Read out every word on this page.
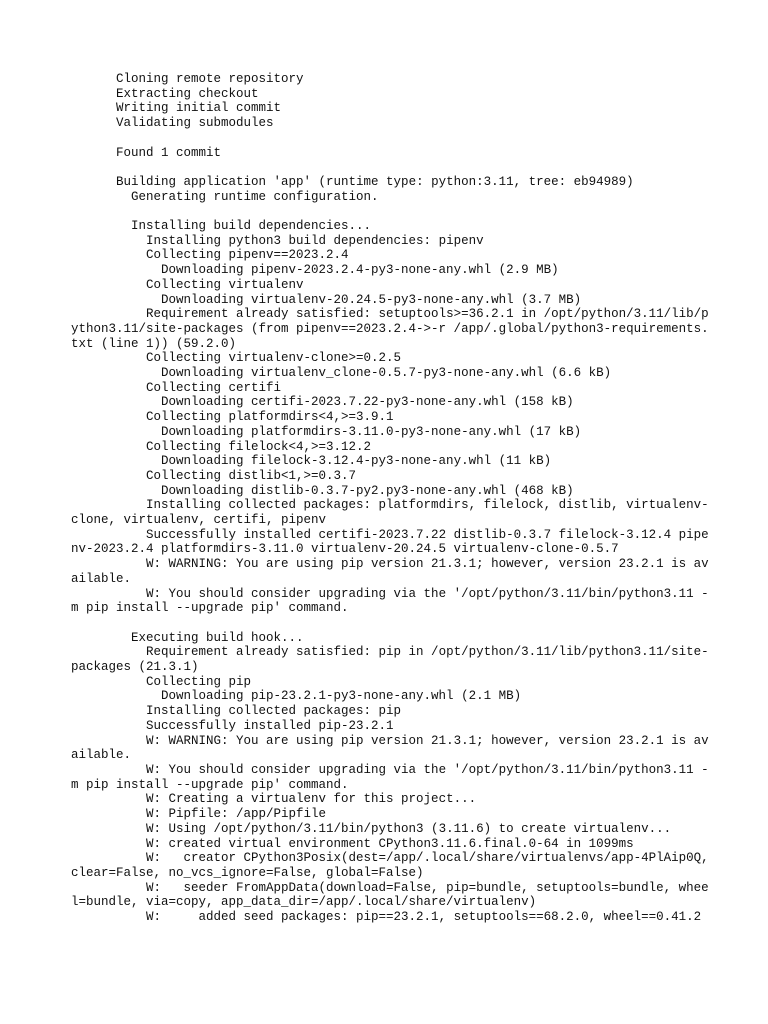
Cloning remote repository
Extracting checkout
Writing initial commit
Validating submodules
Found 1 commit
Building application 'app' (runtime type: python:3.11, tree: eb94989)
Generating runtime configuration.
Installing build dependencies...
Installing python3 build dependencies: pipenv
Collecting pipenv==2023.2.4
Downloading pipenv-2023.2.4-py3-none-any.whl (2.9 MB)
Collecting virtualenv
Downloading virtualenv-20.24.5-py3-none-any.whl (3.7 MB)
Requirement already satisfied: setuptools>=36.2.1 in /opt/python/3.11/lib/python3.11/site-packages (from pipenv==2023.2.4->-r /app/.global/python3-requirements.txt (line 1)) (59.2.0)
Collecting virtualenv-clone>=0.2.5
Downloading virtualenv_clone-0.5.7-py3-none-any.whl (6.6 kB)
Collecting certifi
Downloading certifi-2023.7.22-py3-none-any.whl (158 kB)
Collecting platformdirs<4,>=3.9.1
Downloading platformdirs-3.11.0-py3-none-any.whl (17 kB)
Collecting filelock<4,>=3.12.2
Downloading filelock-3.12.4-py3-none-any.whl (11 kB)
Collecting distlib<1,>=0.3.7
Downloading distlib-0.3.7-py2.py3-none-any.whl (468 kB)
Installing collected packages: platformdirs, filelock, distlib, virtualenv-clone, virtualenv, certifi, pipenv
Successfully installed certifi-2023.7.22 distlib-0.3.7 filelock-3.12.4 pipenv-2023.2.4 platformdirs-3.11.0 virtualenv-20.24.5 virtualenv-clone-0.5.7
W: WARNING: You are using pip version 21.3.1; however, version 23.2.1 is available.
W: You should consider upgrading via the '/opt/python/3.11/bin/python3.11 -m pip install --upgrade pip' command.
Executing build hook...
Requirement already satisfied: pip in /opt/python/3.11/lib/python3.11/site-packages (21.3.1)
Collecting pip
Downloading pip-23.2.1-py3-none-any.whl (2.1 MB)
Installing collected packages: pip
Successfully installed pip-23.2.1
W: WARNING: You are using pip version 21.3.1; however, version 23.2.1 is available.
W: You should consider upgrading via the '/opt/python/3.11/bin/python3.11 -m pip install --upgrade pip' command.
W: Creating a virtualenv for this project...
W: Pipfile: /app/Pipfile
W: Using /opt/python/3.11/bin/python3 (3.11.6) to create virtualenv...
W: created virtual environment CPython3.11.6.final.0-64 in 1099ms
W:   creator CPython3Posix(dest=/app/.local/share/virtualenvs/app-4PlAip0Q, clear=False, no_vcs_ignore=False, global=False)
W:   seeder FromAppData(download=False, pip=bundle, setuptools=bundle, wheel=bundle, via=copy, app_data_dir=/app/.local/share/virtualenv)
W:     added seed packages: pip==23.2.1, setuptools==68.2.0, wheel==0.41.2
